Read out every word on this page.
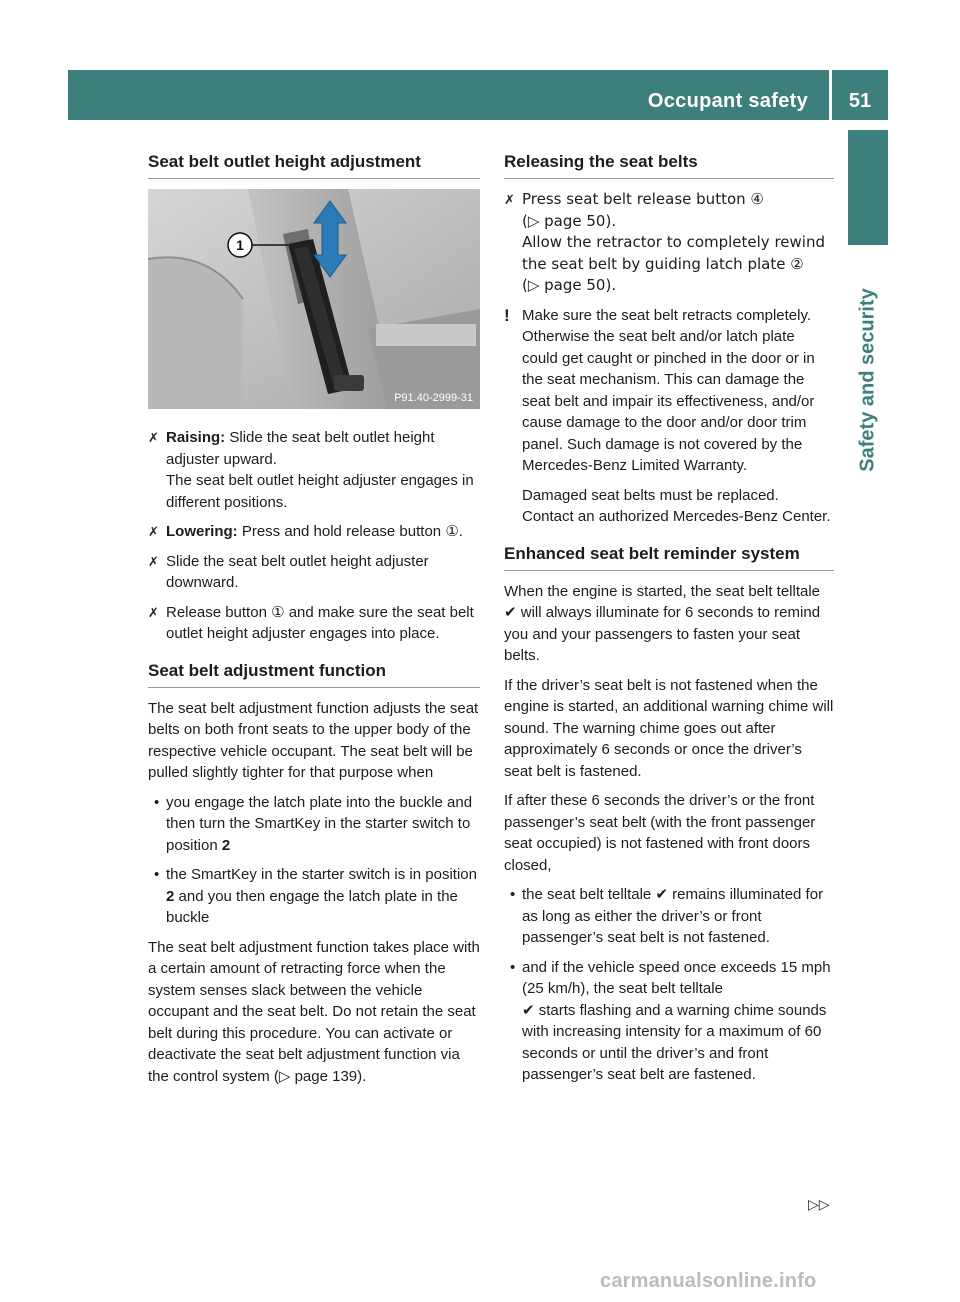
Occupant safety	51
Safety and security
Seat belt outlet height adjustment
1
P91.40-2999-31
✗ Raising: Slide the seat belt outlet height adjuster upward.
The seat belt outlet height adjuster engages in different positions.
✗ Lowering: Press and hold release button ①.
✗ Slide the seat belt outlet height adjuster downward.
✗ Release button ① and make sure the seat belt outlet height adjuster engages into place.
Seat belt adjustment function

The seat belt adjustment function adjusts the seat belts on both front seats to the upper body of the respective vehicle occupant. The seat belt will be pulled slightly tighter for that purpose when

• you engage the latch plate into the buckle and then turn the SmartKey in the starter switch to position 2
• the SmartKey in the starter switch is in position 2 and you then engage the latch plate in the buckle

The seat belt adjustment function takes place with a certain amount of retracting force when the system senses slack between the vehicle occupant and the seat belt. Do not retain the seat belt during this procedure. You can activate or deactivate the seat belt adjustment function via the control system (▷ page 139).

Releasing the seat belts
✗ Press seat belt release button ④
(▷ page 50).
Allow the retractor to completely rewind the seat belt by guiding latch plate ②
(▷ page 50).
! Make sure the seat belt retracts completely. Otherwise the seat belt and/or latch plate could get caught or pinched in the door or in the seat mechanism. This can damage the seat belt and impair its effectiveness, and/or cause damage to the door and/or door trim panel. Such damage is not covered by the Mercedes-Benz Limited Warranty.

Damaged seat belts must be replaced. Contact an authorized Mercedes-Benz Center.

Enhanced seat belt reminder system

When the engine is started, the seat belt telltale ✔ will always illuminate for 6 seconds to remind you and your passengers to fasten your seat belts.

If the driver’s seat belt is not fastened when the engine is started, an additional warning chime will sound. The warning chime goes out after approximately 6 seconds or once the driver’s seat belt is fastened.

If after these 6 seconds the driver’s or the front passenger’s seat belt (with the front passenger seat occupied) is not fastened with front doors closed,

• the seat belt telltale ✔ remains illuminated for as long as either the driver’s or front passenger’s seat belt is not fastened.
• and if the vehicle speed once exceeds 15 mph (25 km/h), the seat belt telltale
✔ starts flashing and a warning chime sounds with increasing intensity for a maximum of 60 seconds or until the driver’s and front passenger’s seat belt are fastened.
▷▷
carmanualsonline.info
